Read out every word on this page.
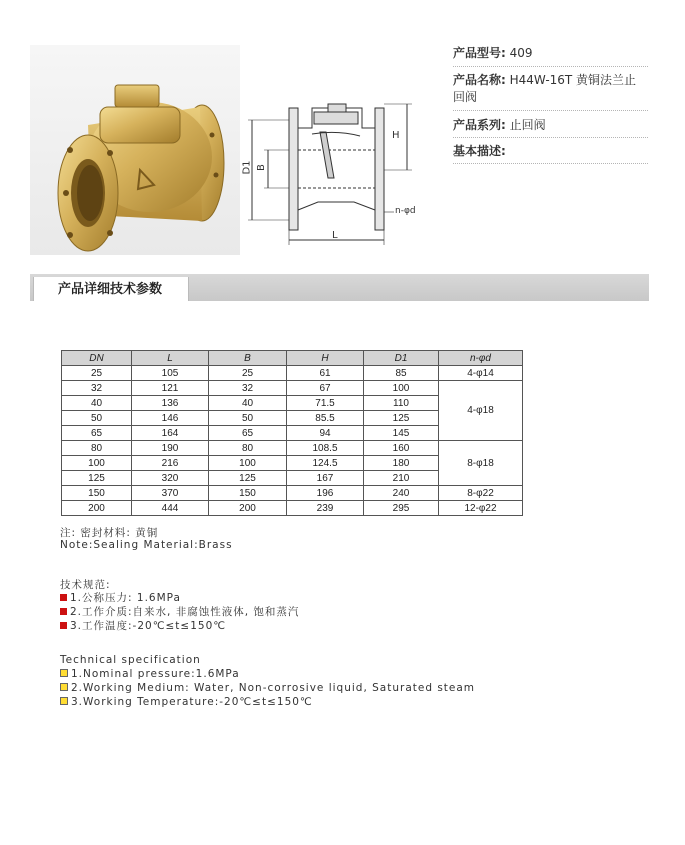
H
D1 B
L
n-φd
产品型号: 409
产品名称: H44W-16T 黄铜法兰止
回阀
产品系列: 止回阀
基本描述:
产品详细技术参数
DN	L	B	H	D1	n-φd
25	105	25	61	85	4-φ14
32	121	32	67	100	4-φ18
40	136	40	71.5	110	
50	146	50	85.5	125	
65	164	65	94	145	
80	190	80	108.5	160	8-φ18
100	216	100	124.5	180	
125	320	125	167	210	
150	370	150	196	240	8-φ22
200	444	200	239	295	12-φ22
注: 密封材料: 黄铜
Note:Sealing Material:Brass
技术规范:
1.公称压力: 1.6MPa
2.工作介质:自来水, 非腐蚀性液体, 饱和蒸汽
3.工作温度:-20℃≤t≤150℃
Technical specification
1.Nominal pressure:1.6MPa
2.Working Medium: Water, Non-corrosive liquid, Saturated steam
3.Working Temperature:-20℃≤t≤150℃
